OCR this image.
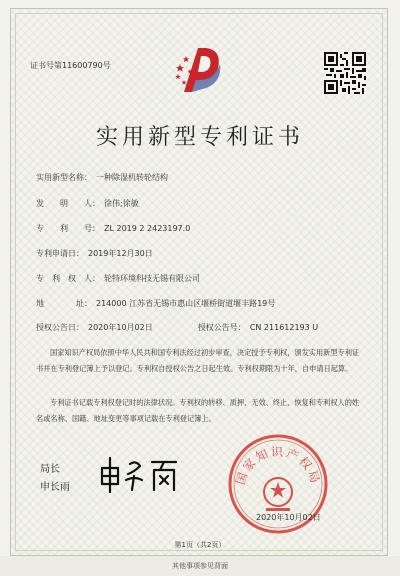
证书号第11600790号
实用新型专利证书
实用新型名称： 一种除湿机转轮结构
发　　明　　人： 徐伟;徐敏
专　　利　　号： ZL 2019 2 2423197.0
专利申请日： 2019年12月30日
专　利　权　人： 轮特环境科技无锡有限公司
地　　　　址： 214000 江苏省无锡市惠山区堰桥街道堰丰路19号
授权公告日： 2020年10月02日	授权公告号： CN 211612193 U

国家知识产权局依照中华人民共和国专利法经过初步审查，决定授予专利权，颁发实用新型专利证书并在专利登记簿上予以登记。专利权自授权公告之日起生效。专利权期限为十年，自申请日起算。

专利证书记载专利权登记时的法律状况。专利权的转移、质押、无效、终止、恢复和专利权人的姓名或名称、国籍、地址变更等事项记载在专利登记簿上。

局长
申长雨
国家知识产权局
2020年10月02日
第1页（共2页）
其他事项参见背面
